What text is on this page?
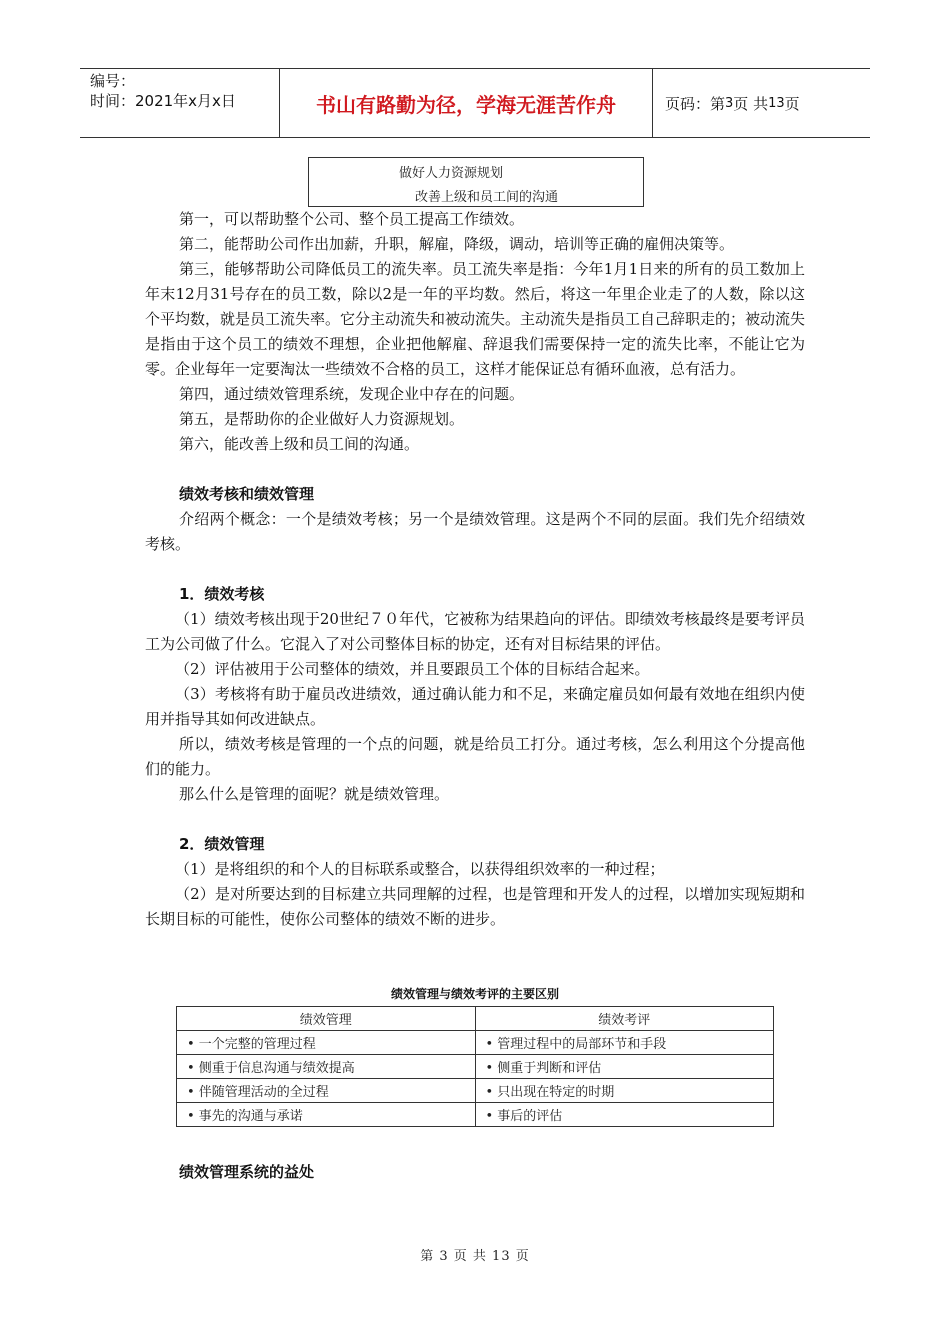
编号：
时间：2021年x月x日	书山有路勤为径，学海无涯苦作舟	页码：第 3 页 共 13 页
做好人力资源规划
改善上级和员工间的沟通

第一，可以帮助整个公司、整个员工提高工作绩效。

第二，能帮助公司作出加薪，升职，解雇，降级，调动，培训等正确的雇佣决策等。

第三，能够帮助公司降低员工的流失率。员工流失率是指：今年1月1日来的所有的员工数加上年末12月31号存在的员工数，除以2是一年的平均数。然后，将这一年里企业走了的人数，除以这个平均数，就是员工流失率。它分主动流失和被动流失。主动流失是指员工自己辞职走的；被动流失是指由于这个员工的绩效不理想，企业把他解雇、辞退我们需要保持一定的流失比率，不能让它为零。企业每年一定要淘汰一些绩效不合格的员工，这样才能保证总有循环血液，总有活力。

第四，通过绩效管理系统，发现企业中存在的问题。

第五，是帮助你的企业做好人力资源规划。

第六，能改善上级和员工间的沟通。

绩效考核和绩效管理

介绍两个概念：一个是绩效考核；另一个是绩效管理。这是两个不同的层面。我们先介绍绩效考核。

1．绩效考核

（1）绩效考核出现于20世纪７０年代，它被称为结果趋向的评估。即绩效考核最终是要考评员工为公司做了什么。它混入了对公司整体目标的协定，还有对目标结果的评估。

（2）评估被用于公司整体的绩效，并且要跟员工个体的目标结合起来。

（3）考核将有助于雇员改进绩效，通过确认能力和不足，来确定雇员如何最有效地在组织内使用并指导其如何改进缺点。

所以，绩效考核是管理的一个点的问题，就是给员工打分。通过考核，怎么利用这个分提高他们的能力。

那么什么是管理的面呢？就是绩效管理。

2．绩效管理

（1）是将组织的和个人的目标联系或整合，以获得组织效率的一种过程；

（2）是对所要达到的目标建立共同理解的过程，也是管理和开发人的过程，以增加实现短期和长期目标的可能性，使你公司整体的绩效不断的进步。

绩效管理与绩效考评的主要区别
绩效管理	绩效考评
• 一个完整的管理过程	• 管理过程中的局部环节和手段
• 侧重于信息沟通与绩效提高	• 侧重于判断和评估
• 伴随管理活动的全过程	• 只出现在特定的时期
• 事先的沟通与承诺	• 事后的评估

绩效管理系统的益处

第 3 页 共 13 页
